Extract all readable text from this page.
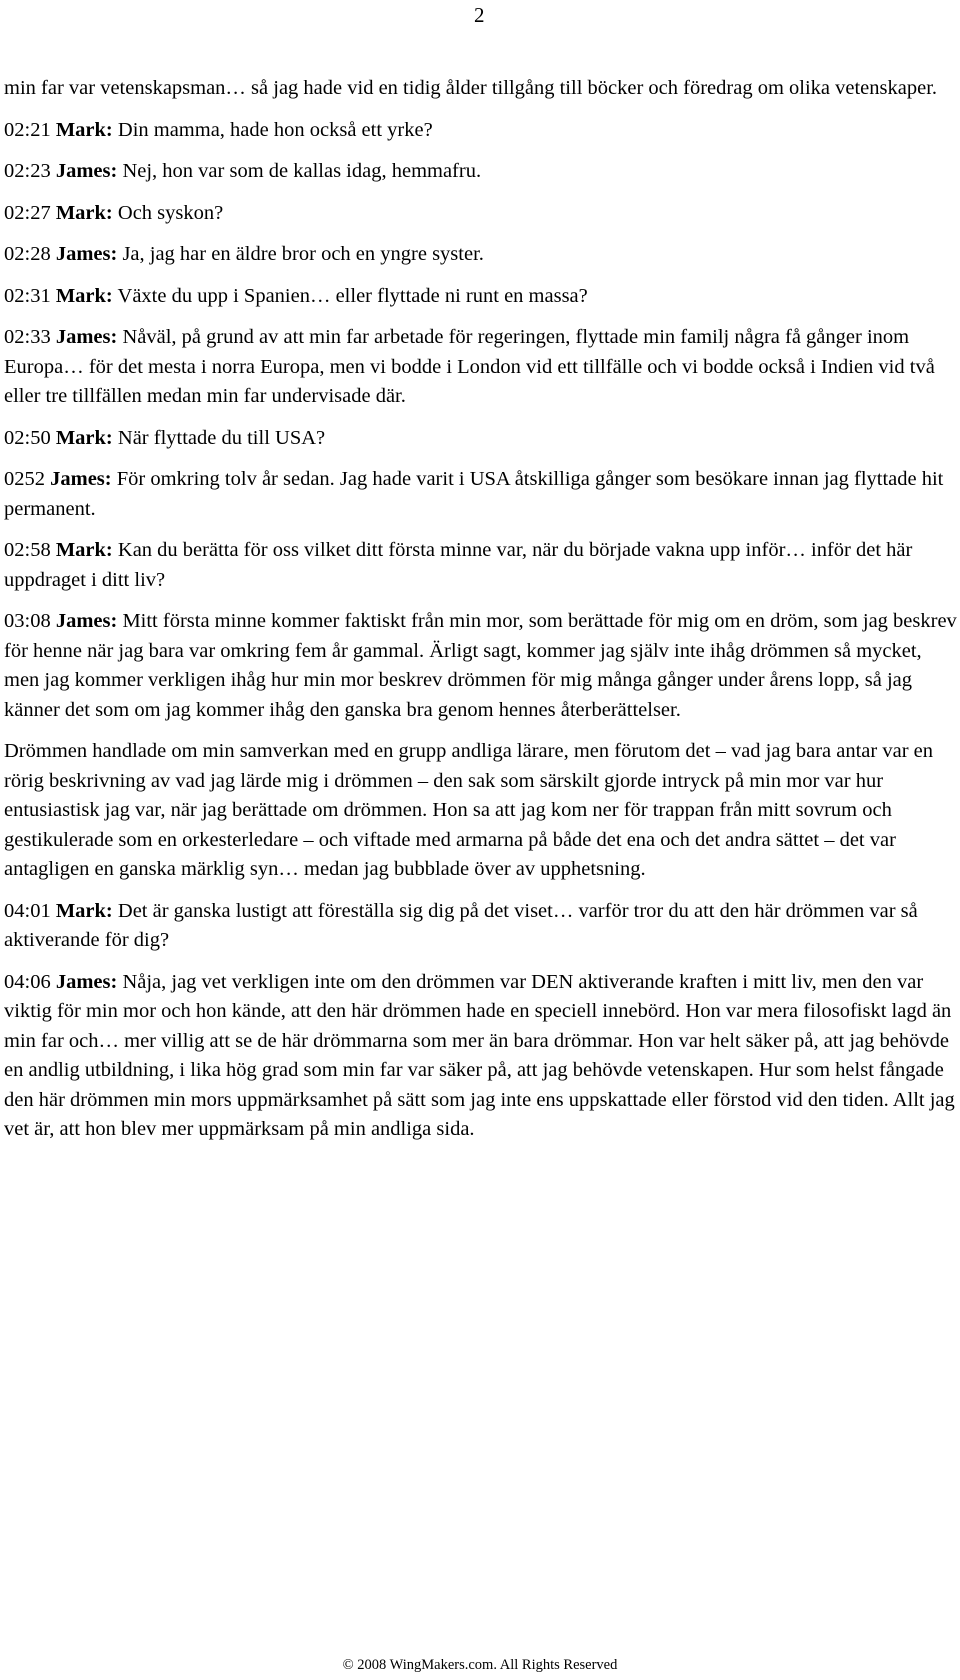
2

min far var vetenskapsman… så jag hade vid en tidig ålder tillgång till böcker och föredrag om olika vetenskaper.

02:21 Mark: Din mamma, hade hon också ett yrke?

02:23 James: Nej, hon var som de kallas idag, hemmafru.

02:27 Mark: Och syskon?

02:28 James: Ja, jag har en äldre bror och en yngre syster.

02:31 Mark: Växte du upp i Spanien… eller flyttade ni runt en massa?

02:33 James: Nåväl, på grund av att min far arbetade för regeringen, flyttade min familj några få gånger inom Europa… för det mesta i norra Europa, men vi bodde i London vid ett tillfälle och vi bodde också i Indien vid två eller tre tillfällen medan min far undervisade där.

02:50 Mark: När flyttade du till USA?

0252 James: För omkring tolv år sedan. Jag hade varit i USA åtskilliga gånger som besökare innan jag flyttade hit permanent.

02:58 Mark: Kan du berätta för oss vilket ditt första minne var, när du började vakna upp inför… inför det här uppdraget i ditt liv?

03:08 James: Mitt första minne kommer faktiskt från min mor, som berättade för mig om en dröm, som jag beskrev för henne när jag bara var omkring fem år gammal. Ärligt sagt, kommer jag själv inte ihåg drömmen så mycket, men jag kommer verkligen ihåg hur min mor beskrev drömmen för mig många gånger under årens lopp, så jag känner det som om jag kommer ihåg den ganska bra genom hennes återberättelser.

Drömmen handlade om min samverkan med en grupp andliga lärare, men förutom det – vad jag bara antar var en rörig beskrivning av vad jag lärde mig i drömmen – den sak som särskilt gjorde intryck på min mor var hur entusiastisk jag var, när jag berättade om drömmen. Hon sa att jag kom ner för trappan från mitt sovrum och gestikulerade som en orkesterledare – och viftade med armarna på både det ena och det andra sättet – det var antagligen en ganska märklig syn… medan jag bubblade över av upphetsning.

04:01 Mark: Det är ganska lustigt att föreställa sig dig på det viset… varför tror du att den här drömmen var så aktiverande för dig?

04:06 James: Nåja, jag vet verkligen inte om den drömmen var DEN aktiverande kraften i mitt liv, men den var viktig för min mor och hon kände, att den här drömmen hade en speciell innebörd. Hon var mera filosofiskt lagd än min far och… mer villig att se de här drömmarna som mer än bara drömmar. Hon var helt säker på, att jag behövde en andlig utbildning, i lika hög grad som min far var säker på, att jag behövde vetenskapen. Hur som helst fångade den här drömmen min mors uppmärksamhet på sätt som jag inte ens uppskattade eller förstod vid den tiden. Allt jag vet är, att hon blev mer uppmärksam på min andliga sida.

© 2008 WingMakers.com. All Rights Reserved
